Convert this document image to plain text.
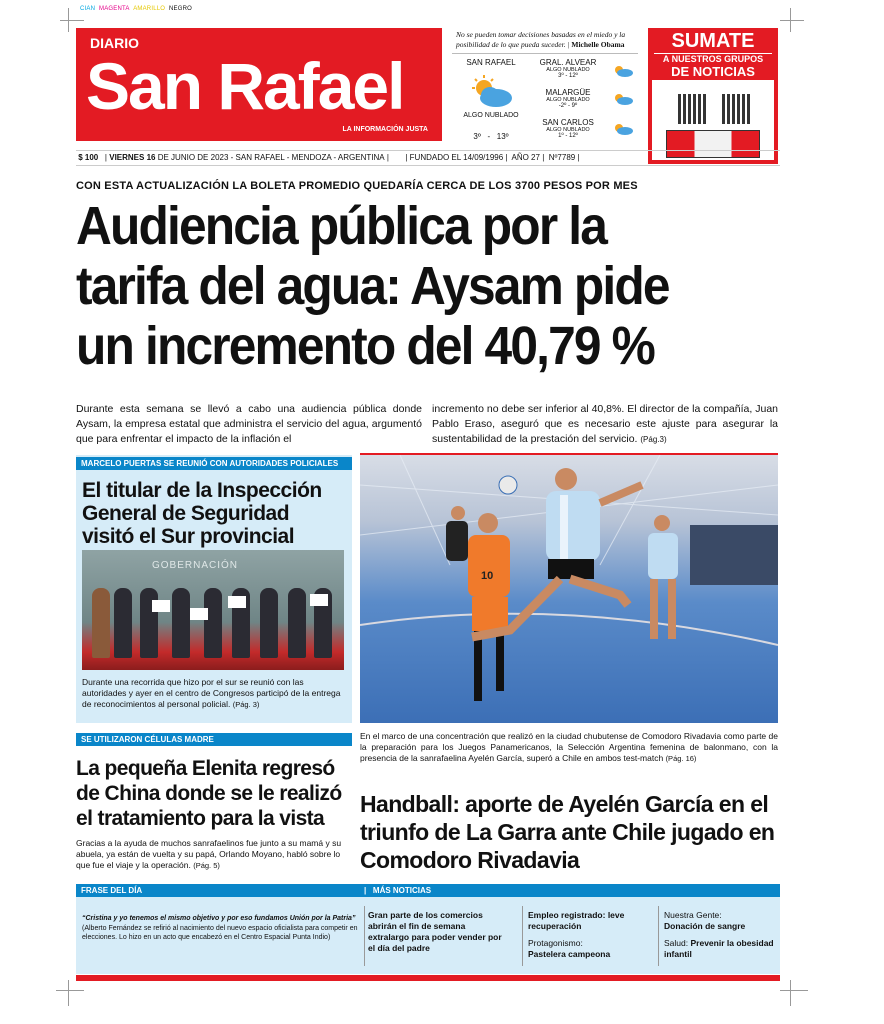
CIAN MAGENTA AMARILLO NEGRO
DIARIO
San Rafael
LA INFORMACIÓN JUSTA
No se pueden tomar decisiones basadas en el miedo y la posibilidad de lo que pueda suceder. | Michelle Obama
SAN RAFAEL
ALGO NUBLADO
3º - 13º
GRAL. ALVEAR
ALGO NUBLADO
3º - 12º
MALARGÜE
ALGO NUBLADO
-2º - 9º
SAN CARLOS
ALGO NUBLADO
1º - 12º
SUMATE
A NUESTROS GRUPOS
DE NOTICIAS
$ 100   | VIERNES 16 DE JUNIO DE 2023 - SAN RAFAEL - MENDOZA - ARGENTINA |  | FUNDADO EL 14/09/1996 |  AÑO 27 |  Nº7789 |
CON ESTA ACTUALIZACIÓN LA BOLETA PROMEDIO QUEDARÍA CERCA DE LOS 3700 PESOS POR MES
Audiencia pública por la tarifa del agua: Aysam pide un incremento del 40,79 %
Durante esta semana se llevó a cabo una audiencia pública donde Aysam, la empresa estatal que administra el servicio del agua, argumentó que para enfrentar el impacto de la inflación el
incremento no debe ser inferior al 40,8%. El director de la compañía, Juan Pablo Eraso, aseguró que es necesario este ajuste para asegurar la sustentabilidad de la prestación del servicio. (Pág.3)
MARCELO PUERTAS SE REUNIÓ CON AUTORIDADES POLICIALES
El titular de la Inspección General de Seguridad visitó el Sur provincial
GOBERNACIÓN
Durante una recorrida que hizo por el sur se reunió con las autoridades y ayer en el centro de Congresos participó de la entrega de reconocimientos al personal policial. (Pág. 3)
10
En el marco de una concentración que realizó en la ciudad chubutense de Comodoro Rivadavia como parte de la preparación para los Juegos Panamericanos, la Selección Argentina femenina de balonmano, con la presencia de la sanrafaelina Ayelén García, superó a Chile en ambos test-match (Pág. 16)
Handball: aporte de Ayelén García en el triunfo de La Garra ante Chile jugado en Comodoro Rivadavia
SE UTILIZARON CÉLULAS MADRE
La pequeña Elenita regresó de China donde se le realizó el tratamiento para la vista
Gracias a la ayuda de muchos sanrafaelinos fue junto a su mamá y su abuela, ya están de vuelta y su papá, Orlando Moyano, habló sobre lo que fue el viaje y la operación. (Pág. 5)
FRASE DEL DÍA	|   MÁS NOTICIAS
“Cristina y yo tenemos el mismo objetivo y por eso fundamos Unión por la Patria” (Alberto Fernández se refirió al nacimiento del nuevo espacio oficialista para competir en elecciones. Lo hizo en un acto que encabezó en el Centro Espacial Punta Indio)
Gran parte de los comercios abrirán el fin de semana extralargo para poder vender por el día del padre
Empleo registrado: leve recuperación
Protagonismo:
Pastelera campeona
Nuestra Gente:
Donación de sangre
Salud: Prevenir la obesidad infantil
